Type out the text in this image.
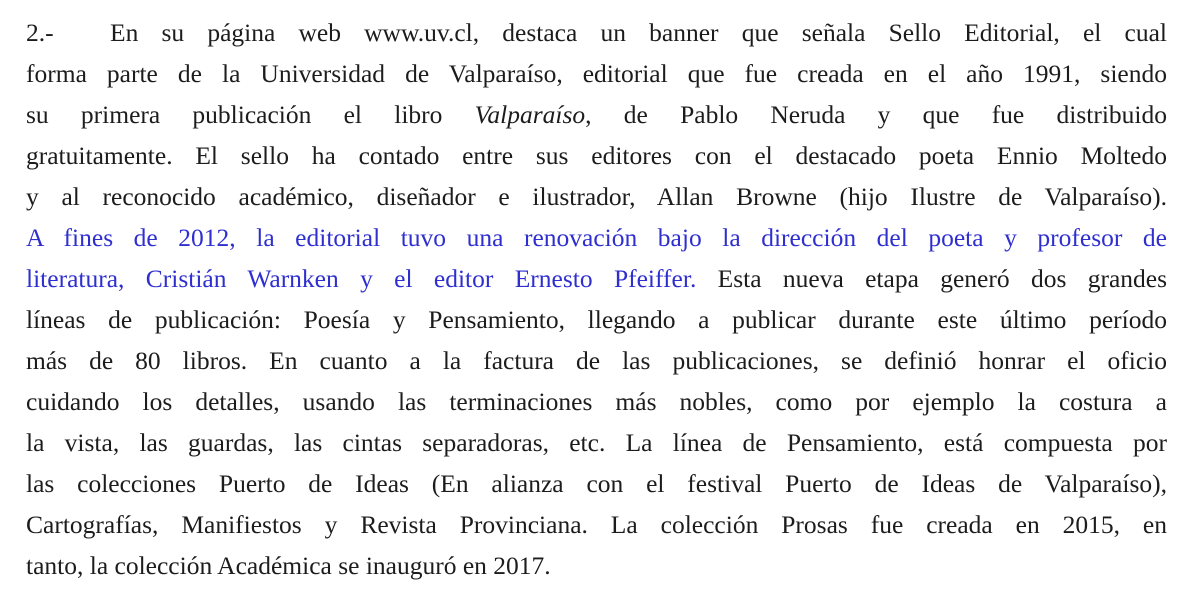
2.- En su página web www.uv.cl, destaca un banner que señala Sello Editorial, el cual
forma parte de la Universidad de Valparaíso, editorial que fue creada en el año 1991, siendo
su primera publicación el libro Valparaíso, de Pablo Neruda y que fue distribuido
gratuitamente. El sello ha contado entre sus editores con el destacado poeta Ennio Moltedo
y al reconocido académico, diseñador e ilustrador, Allan Browne (hijo Ilustre de Valparaíso).
A fines de 2012, la editorial tuvo una renovación bajo la dirección del poeta y profesor de
literatura, Cristián Warnken y el editor Ernesto Pfeiffer. Esta nueva etapa generó dos grandes
líneas de publicación: Poesía y Pensamiento, llegando a publicar durante este último período
más de 80 libros. En cuanto a la factura de las publicaciones, se definió honrar el oficio
cuidando los detalles, usando las terminaciones más nobles, como por ejemplo la costura a
la vista, las guardas, las cintas separadoras, etc. La línea de Pensamiento, está compuesta por
las colecciones Puerto de Ideas (En alianza con el festival Puerto de Ideas de Valparaíso),
Cartografías, Manifiestos y Revista Provinciana. La colección Prosas fue creada en 2015, en
tanto, la colección Académica se inauguró en 2017.
